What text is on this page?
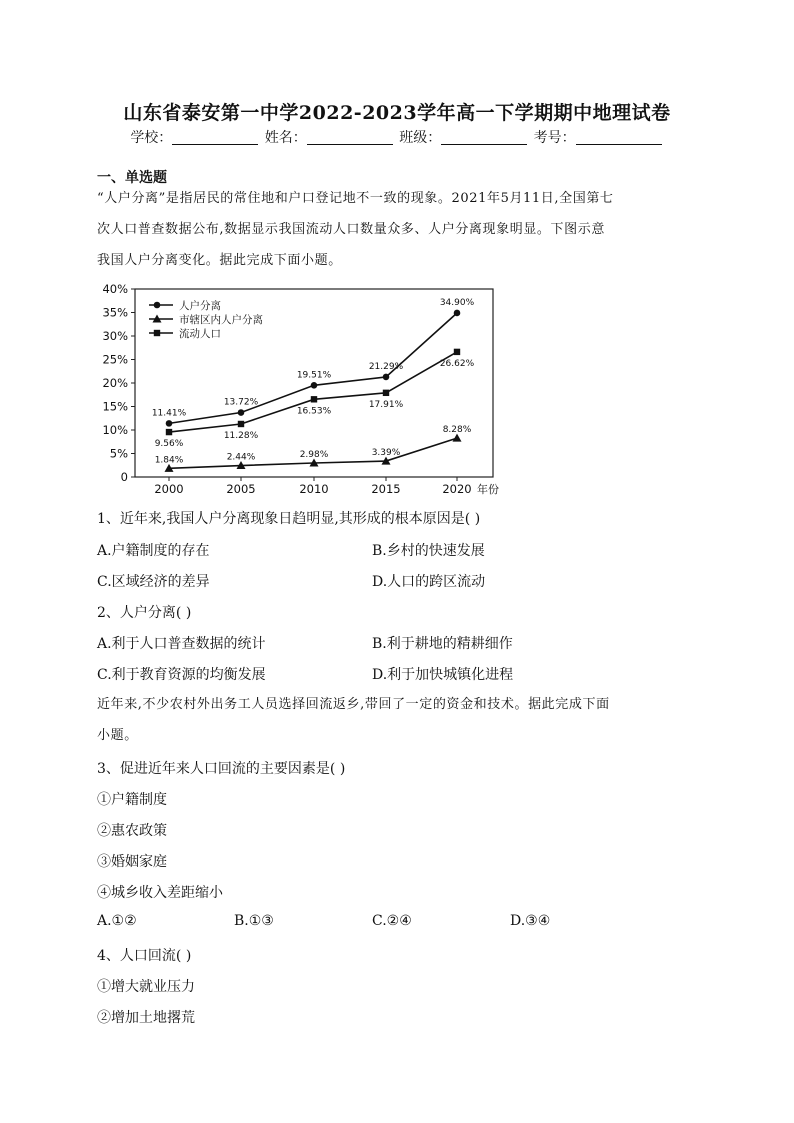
山东省泰安第一中学2022-2023学年高一下学期期中地理试卷
学校：	姓名：	班级：	考号：
一、单选题
“人户分离”是指居民的常住地和户口登记地不一致的现象。2021年5月11日,全国第七
次人口普查数据公布,数据显示我国流动人口数量众多、人户分离现象明显。下图示意
我国人户分离变化。据此完成下面小题。
0
5%
10%
15%
20%
25%
30%
35%
40%
2000	2005	2010	2015	2020 年份
11.41%
13.72%
19.51%
21.29%
34.90%
1.84%	2.44%	2.98%	3.39%
8.28%
9.56%
11.28%
16.53%
17.91%
26.62%
人户分离
市辖区内人户分离
流动人口
1、近年来,我国人户分离现象日趋明显,其形成的根本原因是( )
A.户籍制度的存在	B.乡村的快速发展
C.区域经济的差异	D.人口的跨区流动
2、人户分离( )
A.利于人口普查数据的统计	B.利于耕地的精耕细作
C.利于教育资源的均衡发展	D.利于加快城镇化进程
近年来,不少农村外出务工人员选择回流返乡,带回了一定的资金和技术。据此完成下面
小题。
3、促进近年来人口回流的主要因素是( )
①户籍制度
②惠农政策
③婚姻家庭
④城乡收入差距缩小
A.①②	B.①③	C.②④	D.③④
4、人口回流( )
①增大就业压力
②增加土地撂荒
